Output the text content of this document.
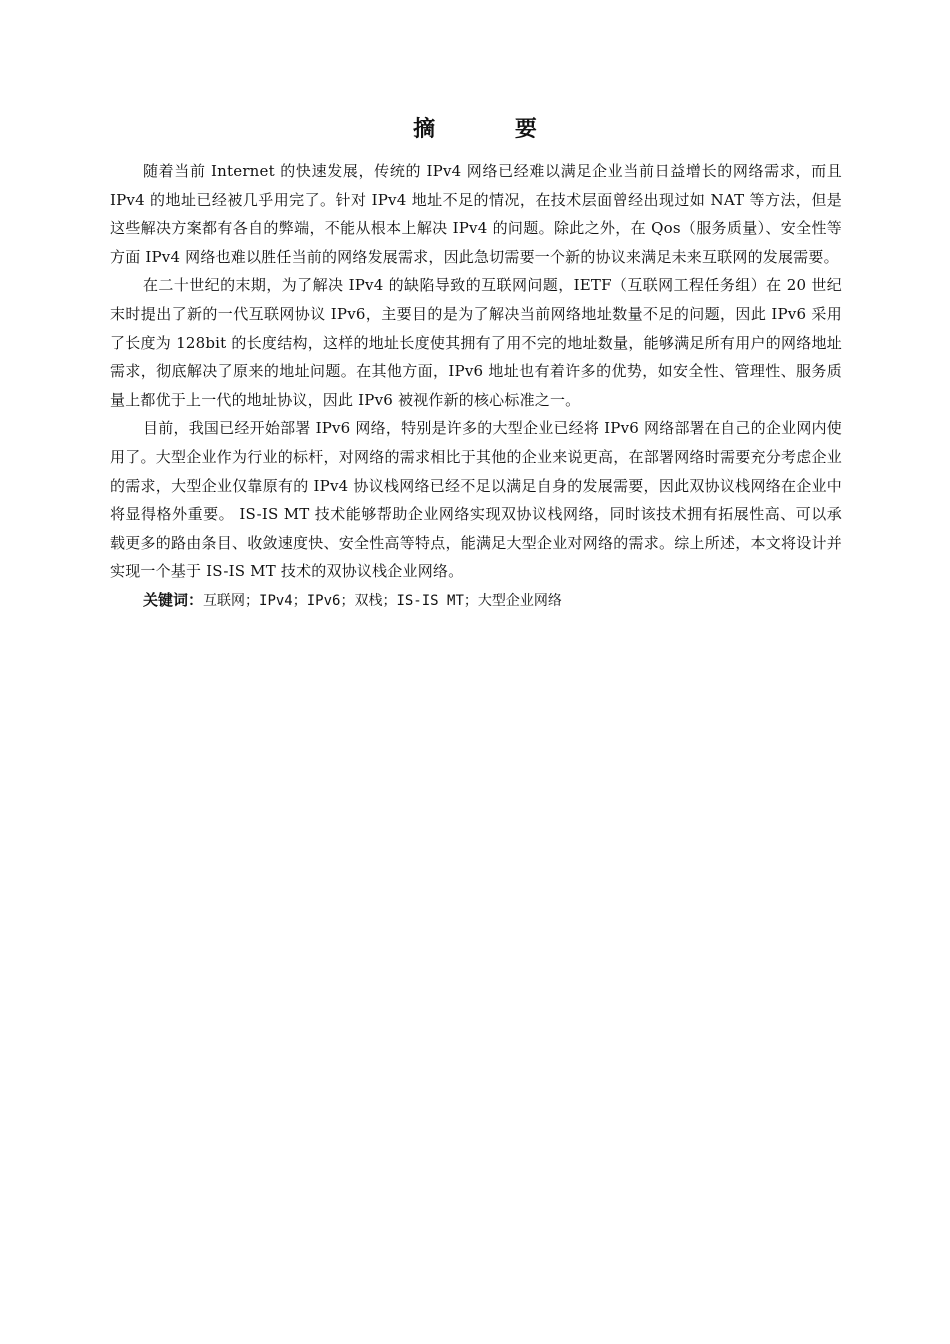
摘 要

随着当前 Internet 的快速发展，传统的 IPv4 网络已经难以满足企业当前日益增长的网络需求，而且 IPv4 的地址已经被几乎用完了。针对 IPv4 地址不足的情况，在技术层面曾经出现过如 NAT 等方法，但是这些解决方案都有各自的弊端，不能从根本上解决 IPv4 的问题。除此之外，在 Qos（服务质量）、安全性等方面 IPv4 网络也难以胜任当前的网络发展需求，因此急切需要一个新的协议来满足未来互联网的发展需要。

在二十世纪的末期，为了解决 IPv4 的缺陷导致的互联网问题，IETF（互联网工程任务组）在 20 世纪末时提出了新的一代互联网协议 IPv6，主要目的是为了解决当前网络地址数量不足的问题，因此 IPv6 采用了长度为 128bit 的长度结构，这样的地址长度使其拥有了用不完的地址数量，能够满足所有用户的网络地址需求，彻底解决了原来的地址问题。在其他方面，IPv6 地址也有着许多的优势，如安全性、管理性、服务质量上都优于上一代的地址协议，因此 IPv6 被视作新的核心标准之一。

目前，我国已经开始部署 IPv6 网络，特别是许多的大型企业已经将 IPv6 网络部署在自己的企业网内使用了。大型企业作为行业的标杆，对网络的需求相比于其他的企业来说更高，在部署网络时需要充分考虑企业的需求，大型企业仅靠原有的 IPv4 协议栈网络已经不足以满足自身的发展需要，因此双协议栈网络在企业中将显得格外重要。 IS-IS MT 技术能够帮助企业网络实现双协议栈网络，同时该技术拥有拓展性高、可以承载更多的路由条目、收敛速度快、安全性高等特点，能满足大型企业对网络的需求。综上所述，本文将设计并实现一个基于 IS-IS MT 技术的双协议栈企业网络。

关键词：互联网；IPv4；IPv6；双栈；IS-IS MT；大型企业网络
